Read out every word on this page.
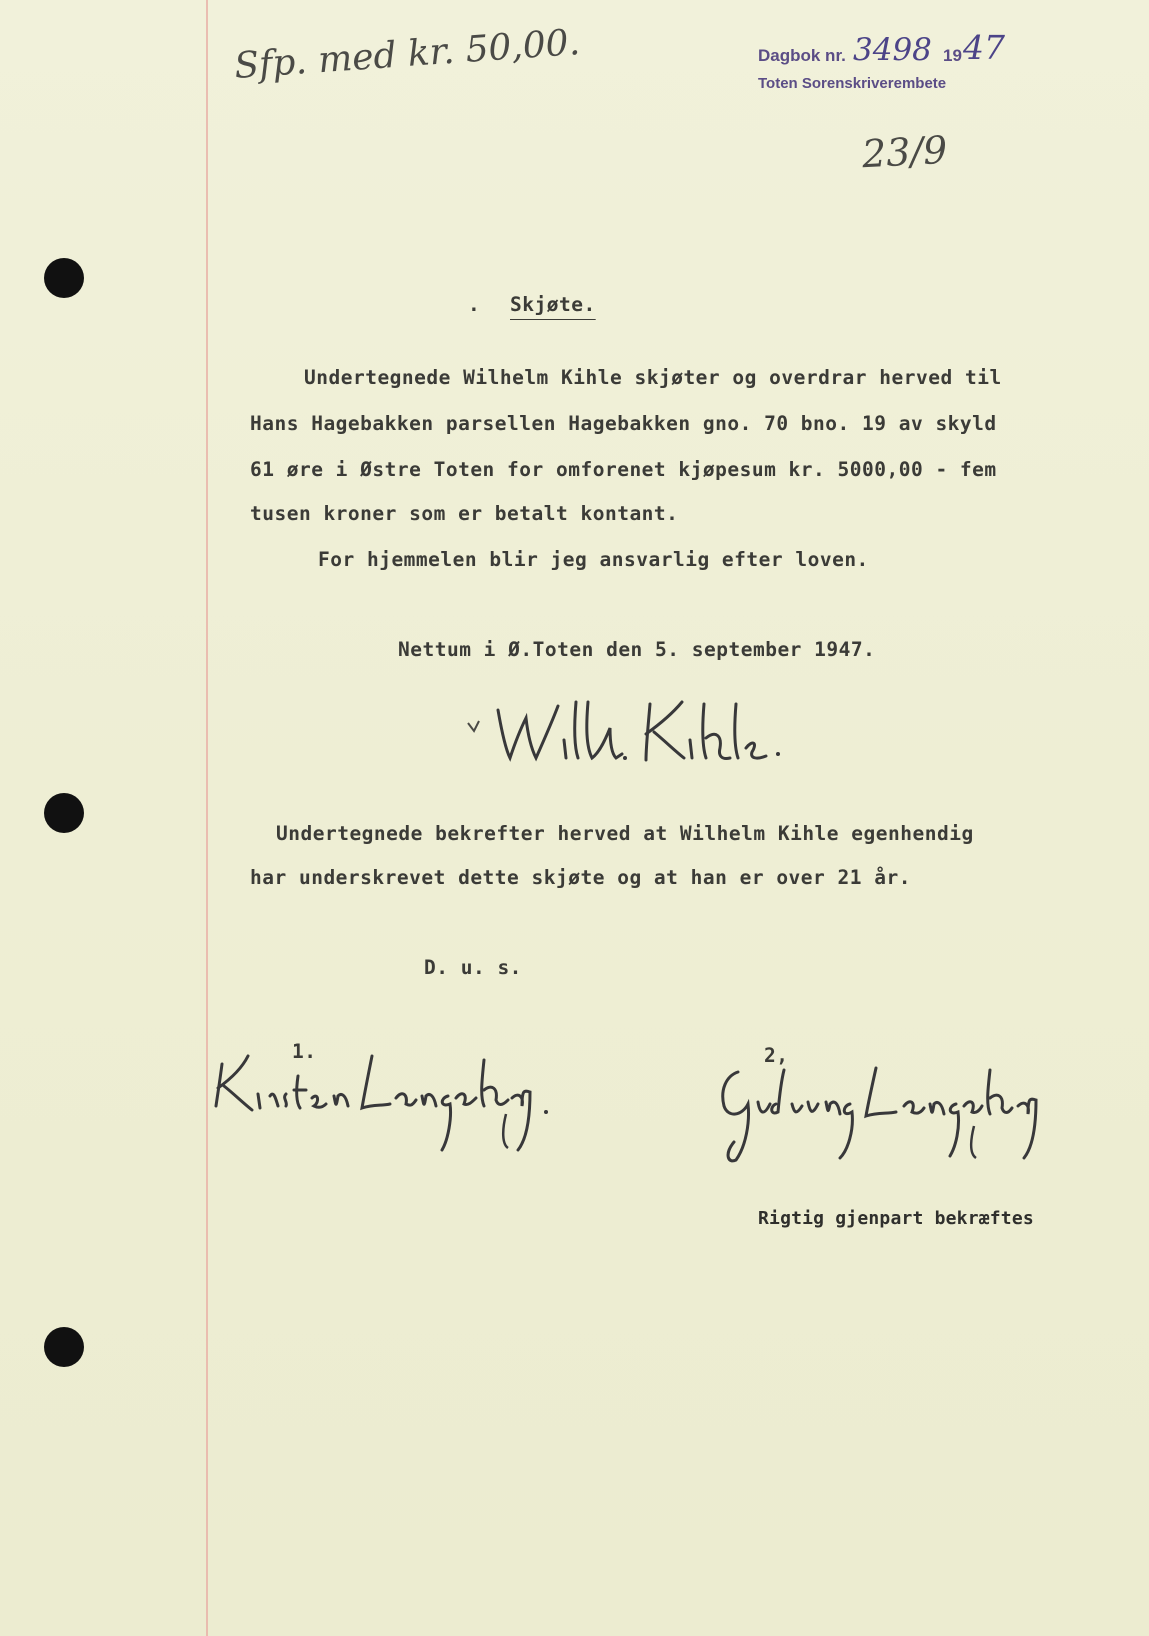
Sfp. med kr. 50,00.	Dagbok nr. 3498 19 47
Toten Sorenskriverembete
23/9
. Skjøte.
Undertegnede Wilhelm Kihle skjøter og overdrar herved til
Hans Hagebakken parsellen Hagebakken gno. 70 bno. 19 av skyld
61 øre i Østre Toten for omforenet kjøpesum kr. 5000,00 - fem
tusen kroner som er betalt kontant.
For hjemmelen blir jeg ansvarlig efter loven.
Nettum i Ø.Toten den 5. september 1947.
Undertegnede bekrefter herved at Wilhelm Kihle egenhendig
har underskrevet dette skjøte og at han er over 21 år.
D. u. s.
1.	2,
Rigtig gjenpart bekræftes
